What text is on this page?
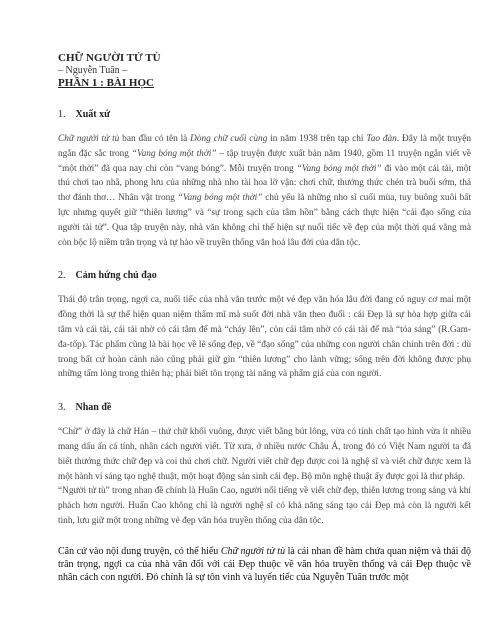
CHỮ NGƯỜI TỬ TÙ
– Nguyễn Tuân –
PHẦN 1 : BÀI HỌC
1. Xuất xứ

Chữ người tử tù ban đầu có tên là Dòng chữ cuối cùng in năm 1938 trên tạp chí Tao đàn. Đây là một truyện ngắn đặc sắc trong “Vang bóng một thời” – tập truyện được xuất bản năm 1940, gồm 11 truyện ngắn viết về “một thời” đã qua nay chỉ còn “vang bóng”. Mỗi truyện trong “Vang bóng một thời” đi vào một cái tài, một thú chơi tao nhã, phong lưu của những nhà nho tài hoa lỡ vận: chơi chữ, thưởng thức chén trà buổi sớm, thả thơ đánh thơ… Nhân vật trong “Vang bóng một thời” chủ yếu là những nho sĩ cuối mùa, tuy buông xuôi bất lực nhưng quyết giữ “thiên lương” và “sự trong sạch của tâm hồn” bằng cách thực hiện “cái đạo sống của người tài tử”. Qua tập truyện này, nhà văn không chỉ thể hiện sự nuối tiếc về đẹp của một thời quá vãng mà còn bộc lộ niềm trân trọng và tự hào về truyền thống văn hoá lâu đời của dân tộc.

2. Cảm hứng chủ đạo

Thái độ trân trọng, ngợi ca, nuối tiếc của nhà văn trước một vẻ đẹp văn hóa lâu đời đang có nguy cơ mai một đồng thời là sự thể hiện quan niệm thẩm mĩ mà suốt đời nhà văn theo đuổi : cái Đẹp là sự hòa hợp giữa cái tâm và cái tài, cái tài nhờ có cái tâm để mà “cháy lên”, còn cái tâm nhờ có cái tài để mà “tỏa sáng” (R.Gam-đa-tốp). Tác phẩm cũng là bài học về lẽ sống đẹp, về “đạo sống” của những con người chân chính trên đời : dù trong bất cứ hoàn cảnh nào cũng phải giữ gìn “thiên lương” cho lành vững; sống trên đời không được phụ những tấm lòng trong thiên hạ; phải biết tôn trọng tài năng và phẩm giá của con người.

3. Nhan đề

“Chữ” ở đây là chữ Hán – thứ chữ khối vuông, được viết bằng bút lông, vừa có tính chất tạo hình vừa ít nhiều mang dấu ấn cá tính, nhân cách người viết. Từ xưa, ở nhiều nước Châu Á, trong đó có Việt Nam người ta đã biết thưởng thức chữ đẹp và coi thú chơi chữ. Người viết chữ đẹp được coi là nghệ sĩ và viết chữ được xem là một hành vi sáng tạo nghệ thuật, một hoạt động sản sinh cái đẹp. Bộ môn nghệ thuật ấy được gọi là thư pháp.

“Người tử tù” trong nhan đề chính là Huấn Cao, người nổi tiếng về viết chữ đẹp, thiên lương trong sáng và khí phách hơn người. Huấn Cao không chỉ là người nghệ sĩ có khả năng sáng tạo cái Đẹp mà còn là người kết tinh, lưu giữ một trong những vẻ đẹp văn hóa truyền thống của dân tộc.

Căn cứ vào nội dung truyện, có thể hiểu Chữ người tử tù là cái nhan đề hàm chứa quan niệm và thái độ trân trọng, ngợi ca của nhà văn đối với cái Đẹp thuộc về văn hóa truyền thống và cái Đẹp thuộc về nhân cách con người. Đó chính là sự tôn vinh và luyến tiếc của Nguyễn Tuân trước một
